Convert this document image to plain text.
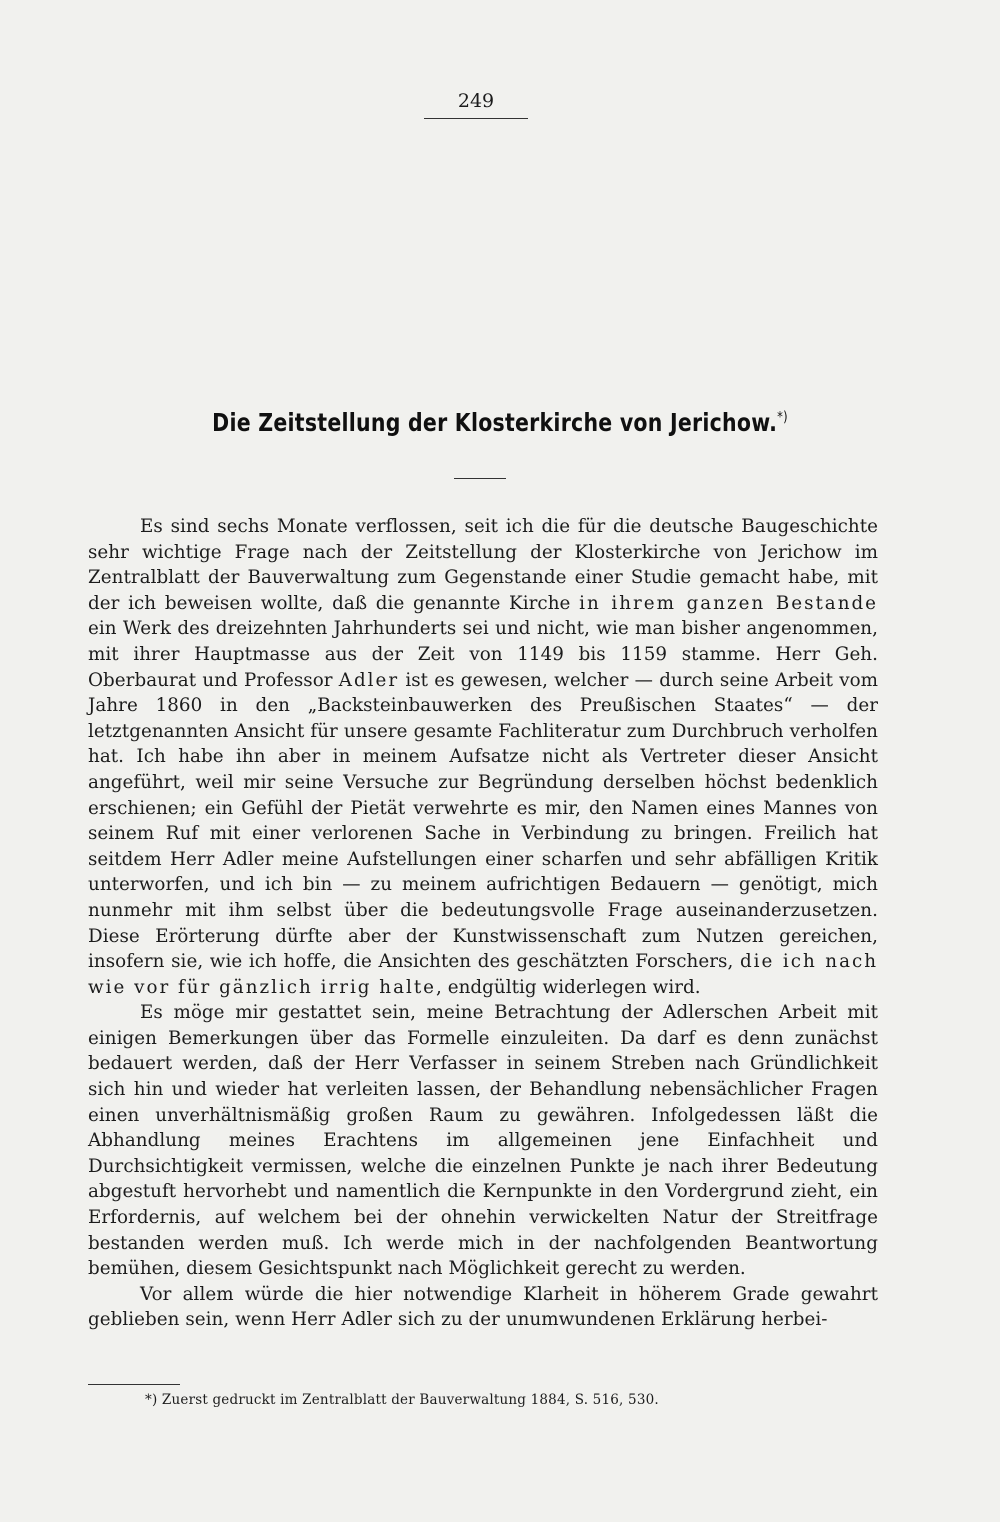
249
Die Zeitstellung der Klosterkirche von Jerichow.*)

Es sind sechs Monate verflossen, seit ich die für die deutsche Baugeschichte sehr wichtige Frage nach der Zeitstellung der Klosterkirche von Jerichow im Zentralblatt der Bauverwaltung zum Gegenstande einer Studie gemacht habe, mit der ich beweisen wollte, daß die genannte Kirche in ihrem ganzen Bestande ein Werk des dreizehnten Jahrhunderts sei und nicht, wie man bisher angenommen, mit ihrer Hauptmasse aus der Zeit von 1149 bis 1159 stamme. Herr Geh. Oberbaurat und Professor Adler ist es gewesen, welcher — durch seine Arbeit vom Jahre 1860 in den „Backsteinbauwerken des Preußischen Staates“ — der letztgenannten Ansicht für unsere gesamte Fachliteratur zum Durchbruch verholfen hat. Ich habe ihn aber in meinem Aufsatze nicht als Vertreter dieser Ansicht angeführt, weil mir seine Versuche zur Begründung derselben höchst bedenklich erschienen; ein Gefühl der Pietät verwehrte es mir, den Namen eines Mannes von seinem Ruf mit einer verlorenen Sache in Verbindung zu bringen. Freilich hat seitdem Herr Adler meine Aufstellungen einer scharfen und sehr abfälligen Kritik unterworfen, und ich bin — zu meinem aufrichtigen Bedauern — genötigt, mich nunmehr mit ihm selbst über die bedeutungsvolle Frage auseinanderzusetzen. Diese Erörterung dürfte aber der Kunstwissenschaft zum Nutzen gereichen, insofern sie, wie ich hoffe, die Ansichten des geschätzten Forschers, die ich nach wie vor für gänzlich irrig halte, endgültig widerlegen wird.

Es möge mir gestattet sein, meine Betrachtung der Adlerschen Arbeit mit einigen Bemerkungen über das Formelle einzuleiten. Da darf es denn zunächst bedauert werden, daß der Herr Verfasser in seinem Streben nach Gründlichkeit sich hin und wieder hat verleiten lassen, der Behandlung nebensächlicher Fragen einen unverhältnismäßig großen Raum zu gewähren. Infolgedessen läßt die Abhandlung meines Erachtens im allgemeinen jene Einfachheit und Durchsichtigkeit vermissen, welche die einzelnen Punkte je nach ihrer Bedeutung abgestuft hervorhebt und namentlich die Kernpunkte in den Vordergrund zieht, ein Erfordernis, auf welchem bei der ohnehin verwickelten Natur der Streitfrage bestanden werden muß. Ich werde mich in der nachfolgenden Beantwortung bemühen, diesem Gesichtspunkt nach Möglichkeit gerecht zu werden.

Vor allem würde die hier notwendige Klarheit in höherem Grade gewahrt geblieben sein, wenn Herr Adler sich zu der unumwundenen Erklärung herbei-

*) Zuerst gedruckt im Zentralblatt der Bauverwaltung 1884, S. 516, 530.
